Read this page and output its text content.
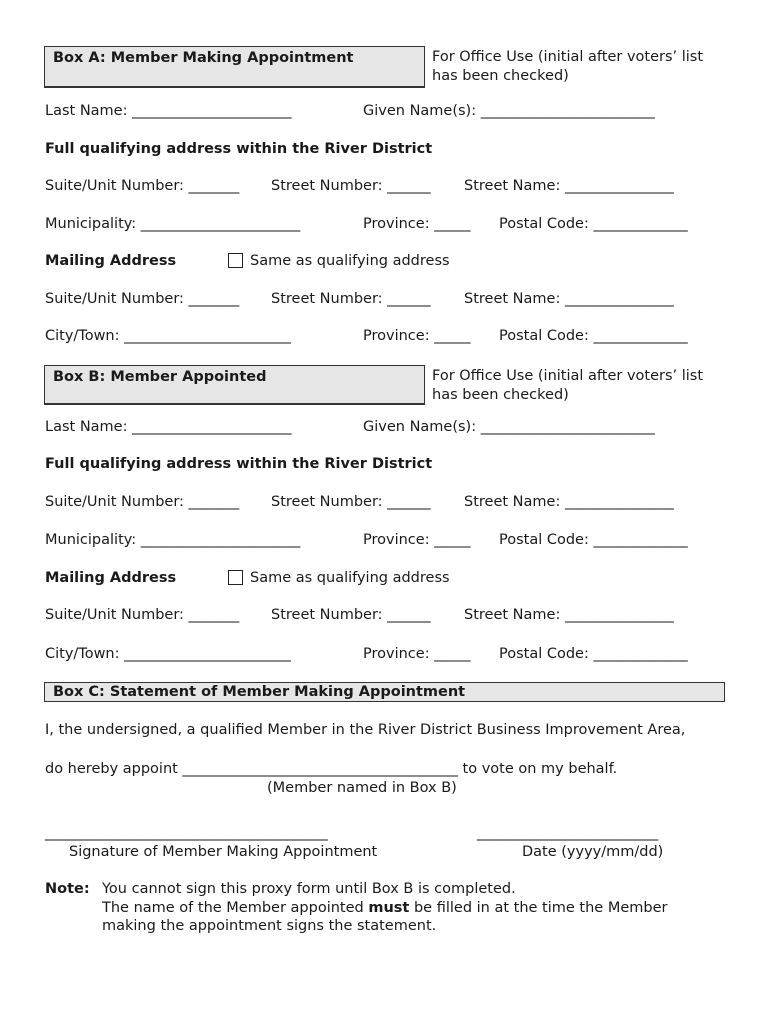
Box A: Member Making Appointment	For Office Use (initial after voters’ list has been checked)
Last Name: ______________________	Given Name(s): ________________________
Full qualifying address within the River District
Suite/Unit Number: _______ Street Number: ______ Street Name: _______________
Municipality: ______________________	Province: _____ Postal Code: _____________
Mailing Address	Same as qualifying address
Suite/Unit Number: _______ Street Number: ______ Street Name: _______________
City/Town: _______________________	Province: _____ Postal Code: _____________
Box B: Member Appointed	For Office Use (initial after voters’ list has been checked)
Last Name: ______________________	Given Name(s): ________________________
Full qualifying address within the River District
Suite/Unit Number: _______ Street Number: ______ Street Name: _______________
Municipality: ______________________	Province: _____ Postal Code: _____________
Mailing Address	Same as qualifying address
Suite/Unit Number: _______ Street Number: ______ Street Name: _______________
City/Town: _______________________	Province: _____ Postal Code: _____________
Box C: Statement of Member Making Appointment
I, the undersigned, a qualified Member in the River District Business Improvement Area,
do hereby appoint ______________________________________ to vote on my behalf.
(Member named in Box B)
_______________________________________
Signature of Member Making Appointment
_________________________
Date (yyyy/mm/dd)
Note: You cannot sign this proxy form until Box B is completed.
The name of the Member appointed must be filled in at the time the Member
making the appointment signs the statement.
